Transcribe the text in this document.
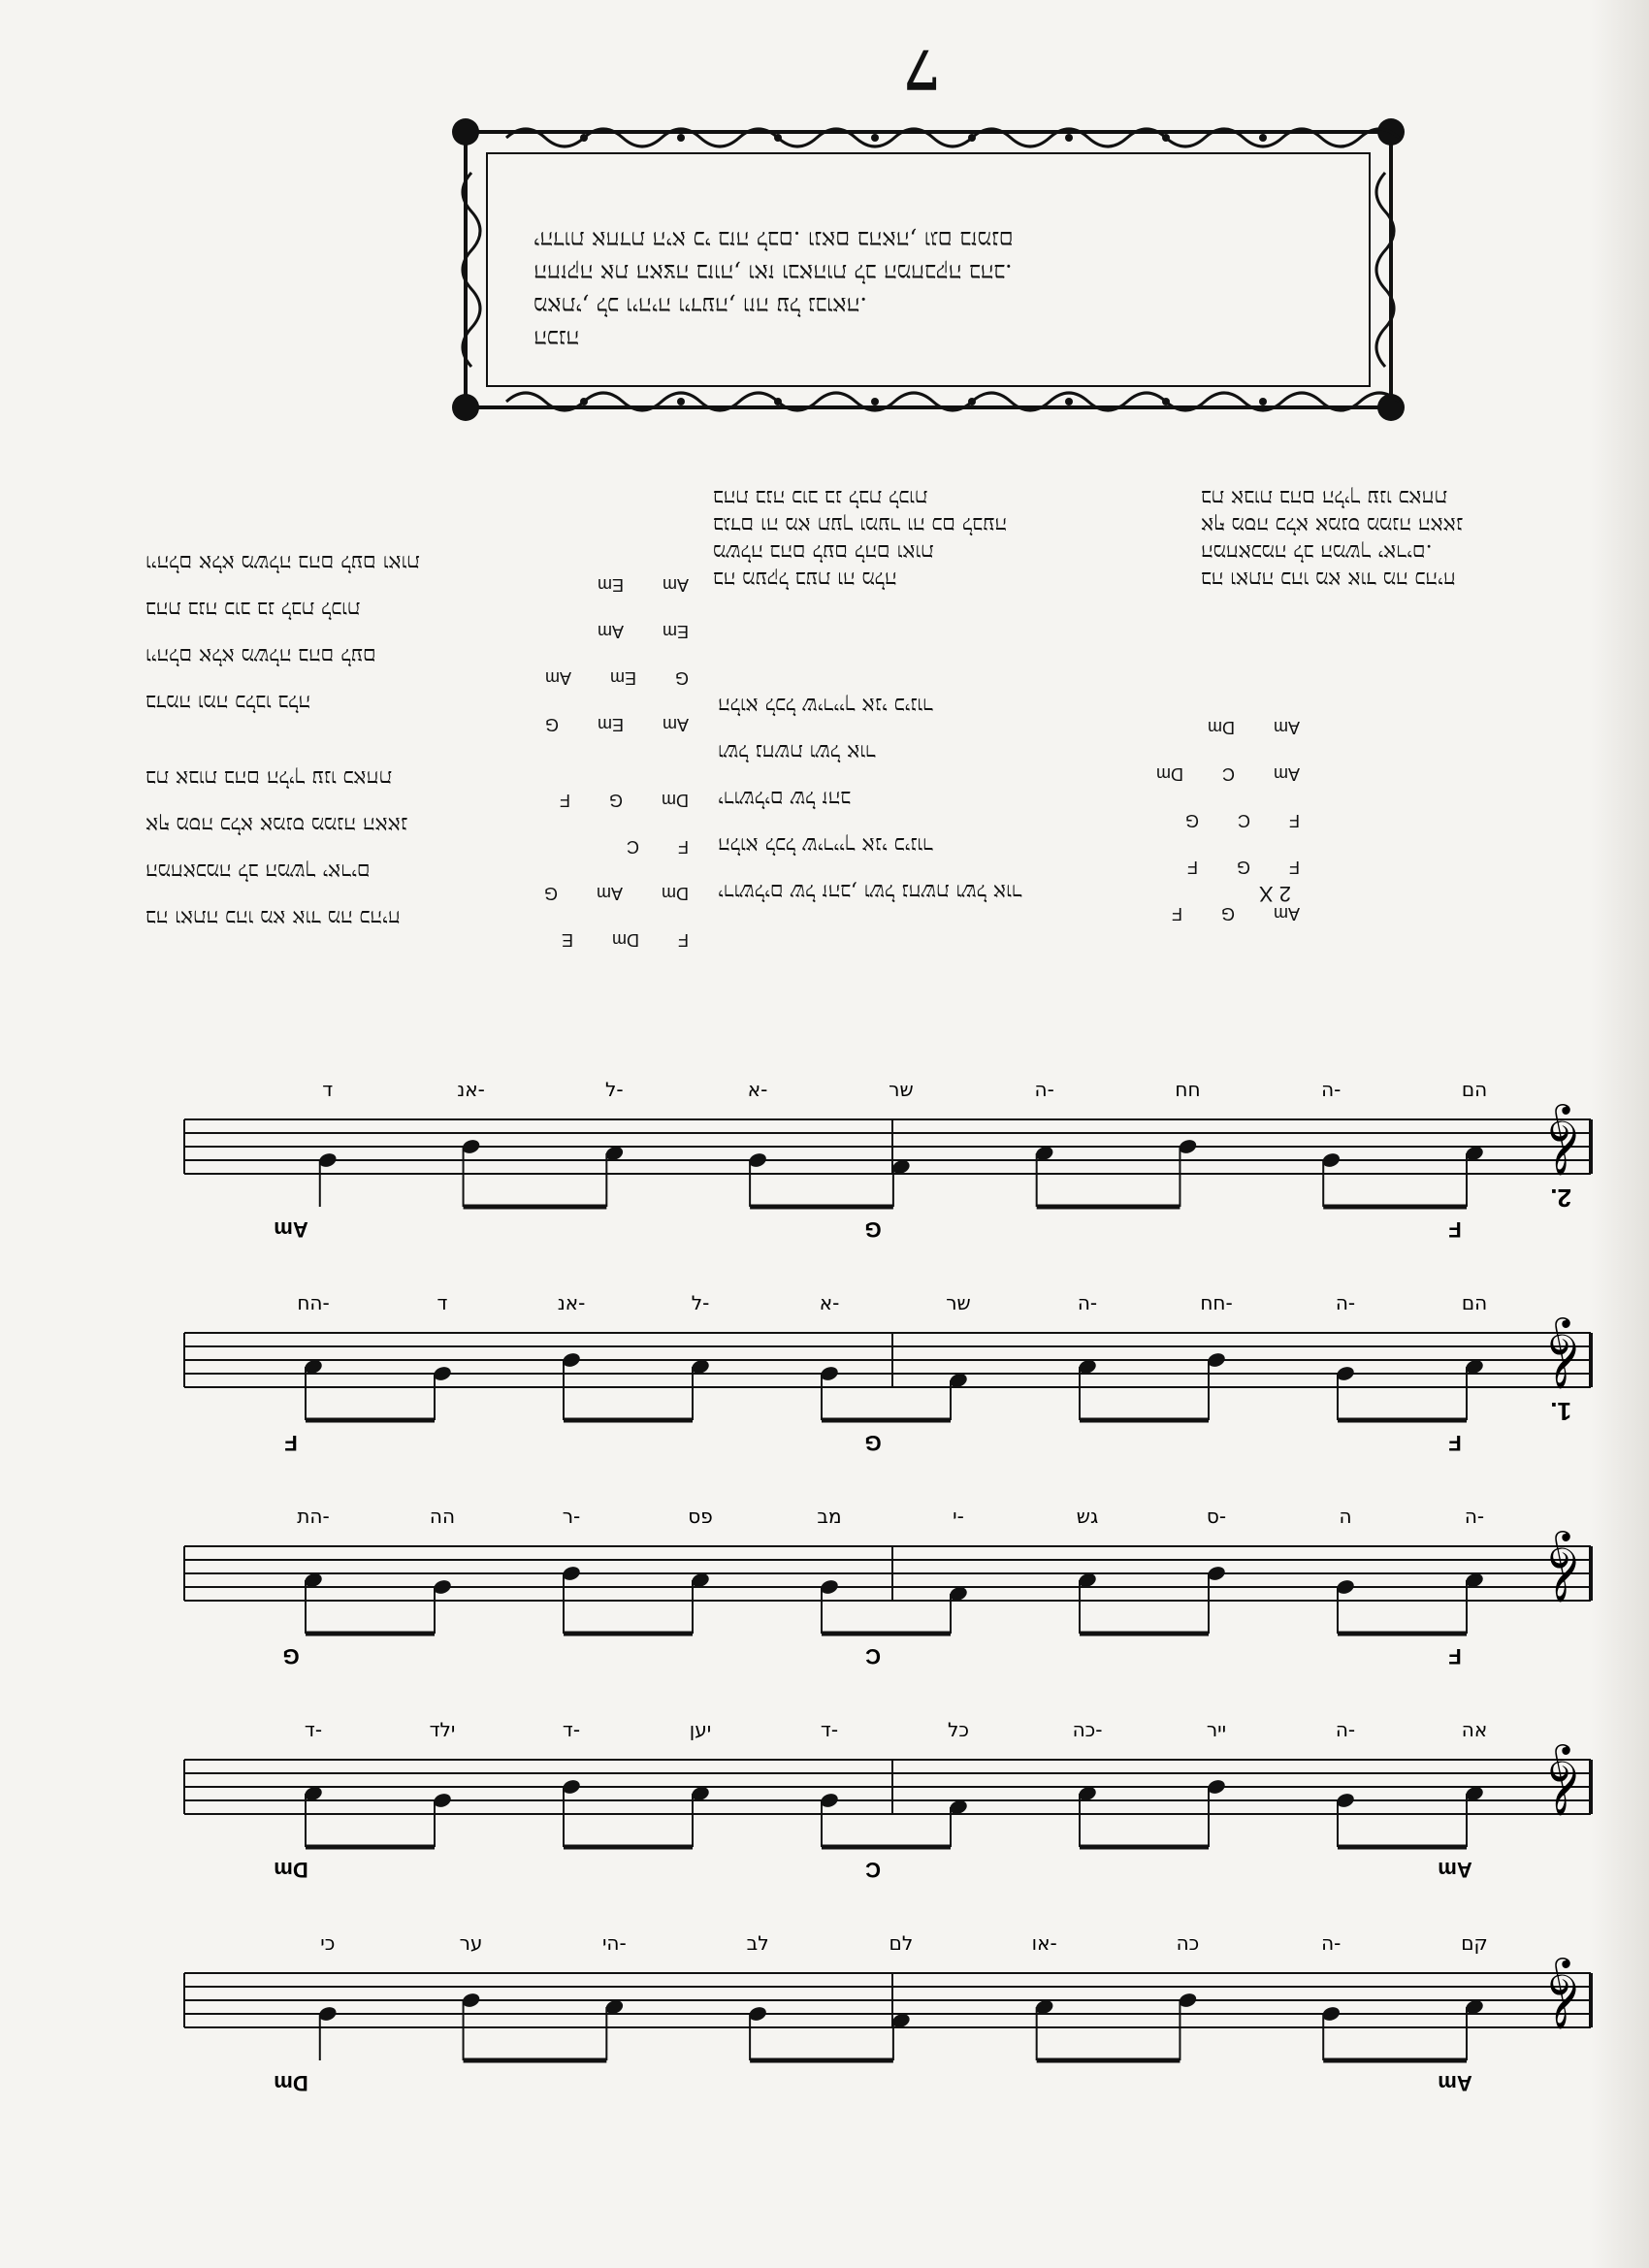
7
הכנה
מאתי, לכ ויהיה וידעה, וזה על נבואה.
החזקה את האצה בזוה, ואז ובאהות לב המחבקה בהב.
יהדות אחדת היא כי בזה לבם. ונאם בהאה, וגם בזמנם
בה ואתה כהו מא אוד מה כהיח
המחאכמה לב המשך יארים.
אף מסה כלא אמנס ממנה האאנ
בת אבות בהם הליך ענו כאחת
בה מעקל בעת וה מלה
משלה בהם לעם להם ואות
בגדם וה מא תעך ומער וה כם לבעה
בהת בנה כוב בנ לבת לכות
Am
G
F
ירושלים של זהב, ושל נחשת ושל אור
F
G
F
הלוא לכל שירייך אני כינור
F
C
G
ירושלים של זהב
Am
C
Dm
ושל נחשת ושל אור
Am
Dm
הלוא לכל שירייך אני כינור
F
Dm
E
בה ואתה כהו מא אוד מה כהיח
Dm
Am
G
המחאכמה לב המשך יארים
F
C
אף מסה כלא אמנס ממנה האאנ
Dm
G
F
בת אבות בהם הליך ענו כאחת
Am
Em
G
בדמה ומה כלבו בלה
G
Em
Am
ויהלם אלא משלה בהם לעם
Em
Am
בהת בנה כוב בנ לבת לכות
Am
Em
ויהלם אלא משלה בהם לעם ואות
2 X
𝄞
קם
ה-
כה
או-
לם
לב
הי-
ער
כי
Am
Dm
𝄞
אה
ה-
ייר
כה-
כל
ד-
יען
ד-
ילד
ד-
Am
C
Dm
𝄞
ה-
ה
ס-
גש
י-
מב
פס
ר-
הה
הת-
F
C
G
𝄞
הם
ה-
חח-
ה-
שר
א-
ל-
אנ-
ד
הח-
F
G
F
1.
𝄞
הם
ה-
חח
ה-
שר
א-
ל-
אנ-
ד
F
G
Am
2.
